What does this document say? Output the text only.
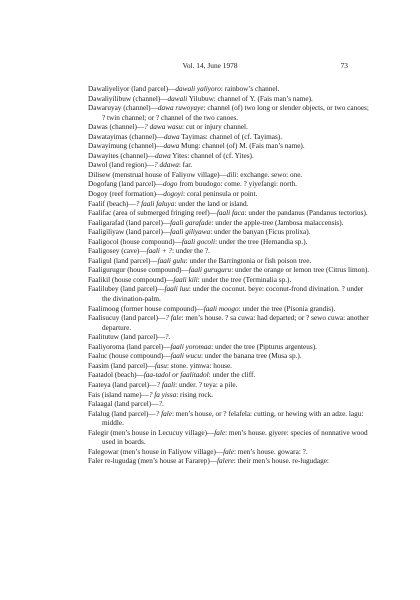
Vol. 14, June 1978	73
Dawaliyeliyor (land parcel)—dawali yaliyoro: rainbow’s channel.
Dawaliyilibuw (channel)—dawali Yilubuw: channel of Y. (Fais man’s name).
Dawaruyay (channel)—dawa ruwoyaye: channel (of) two long or slender objects, or two canoes; ? twin channel; or ? channel of the two canoes.
Dawas (channel)—? dawa wasu: cut or injury channel.
Dawatayimas (channel)—dawa Tayimas: channel of (cf. Tayimas).
Dawayimung (channel)—dawa Mung: channel (of) M. (Fais man’s name).
Dawayites (channel)—dawa Yites: channel of (cf. Yites).
Dawol (land region)—? ddawa: far.
Dilisew (menstrual house of Faliyow village)—dili: exchange. sewo: one.
Dogofang (land parcel)—dogo from buudogo: come. ? yiyefangi: north.
Dogoy (reef formation)—dogoyi: coral peninsula or point.
Faalif (beach)—? faali faluya: under the land or island.
Faalifac (area of submerged fringing reef)—faali faca: under the pandanus (Pandanus tectorius).
Faaligarafad (land parcel)—faali garafade: under the apple-tree (Jambosa malaccensis).
Faaligiliyaw (land parcel)—faali giliyawa: under the banyan (Ficus prolixa).
Faaligocol (house compound)—faali gocoli: under the tree (Hernandia sp.).
Faaligosey (cave)—faali + ?: under the ?.
Faaligul (land parcel)—faali gulu: under the Barringtonia or fish poison tree.
Faaligurugur (house compound)—faali guruguru: under the orange or lemon tree (Citrus limon).
Faalikil (house compound)—faali kili: under the tree (Terminalia sp.).
Faalilubey (land parcel)—faali luu: under the coconut. beye: coconut-frond divination. ? under the divination-palm.
Faalimoog (former house compound)—faali moogo: under the tree (Pisonia grandis).
Faalisucuy (land parcel)—? fale: men’s house. ? sa cuwa: had departed; or ? sewo cuwa: another departure.
Faalitutuw (land parcel)—?.
Faaliyoroma (land parcel)—faali yoromaa: under the tree (Pipturus argenteus).
Faaluc (house compound)—faali wucu: under the banana tree (Musa sp.).
Faasim (land parcel)—fasu: stone. yimwa: house.
Faatadol (beach)—faa-tadol or faalitadol: under the cliff.
Faateya (land parcel)—? faali: under. ? teya: a pile.
Fais (island name)—? fa yissa: rising rock.
Falaagal (land parcel)—?.
Falalug (land parcel)—? fale: men’s house, or ? felafela: cutting, or hewing with an adze. lagu: middle.
Falegir (men’s house in Lecucuy village)—fale: men’s house. giyere: species of nonnative wood used in boards.
Falegowar (men’s house in Faliyow village)—fale: men’s house. gowara: ?.
Faler re-lugudag (men’s house at Fararep)—falere: their men’s house. re-lugudage:
